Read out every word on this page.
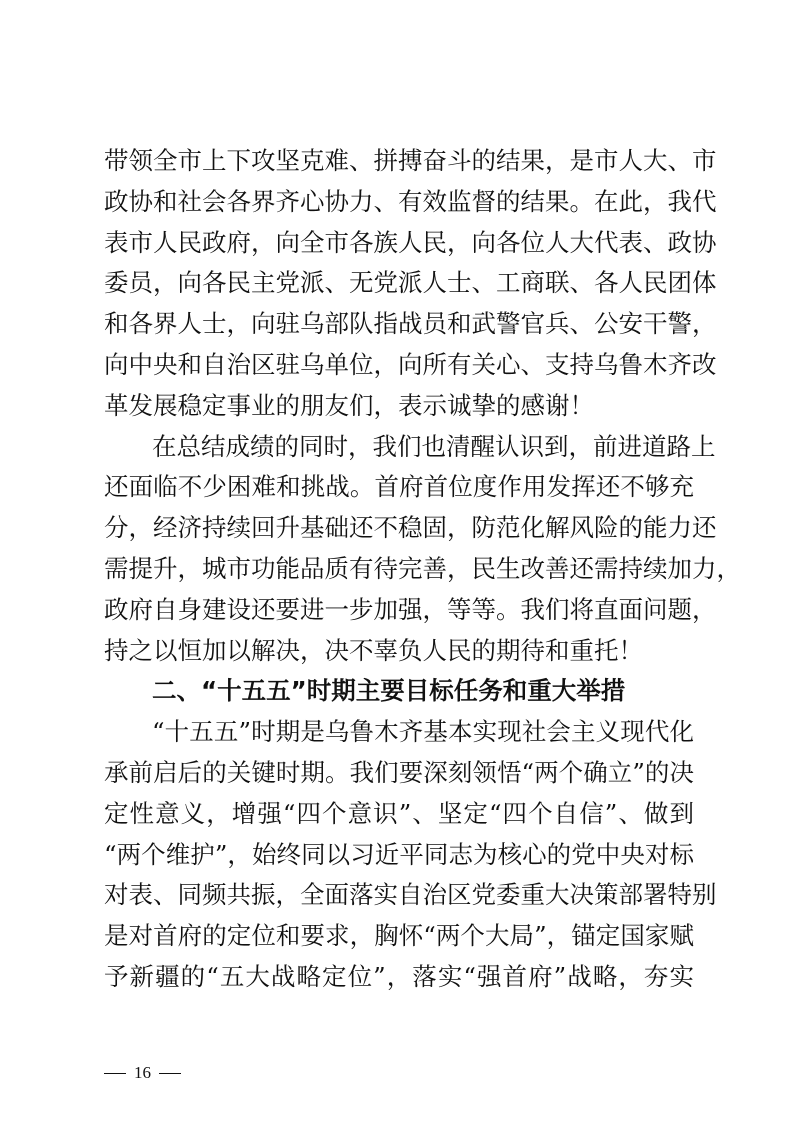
带领全市上下攻坚克难、拼搏奋斗的结果，是市人大、市
政协和社会各界齐心协力、有效监督的结果。在此，我代
表市人民政府，向全市各族人民，向各位人大代表、政协
委员，向各民主党派、无党派人士、工商联、各人民团体
和各界人士，向驻乌部队指战员和武警官兵、公安干警，
向中央和自治区驻乌单位，向所有关心、支持乌鲁木齐改
革发展稳定事业的朋友们，表示诚挚的感谢！
在总结成绩的同时，我们也清醒认识到，前进道路上
还面临不少困难和挑战。首府首位度作用发挥还不够充
分，经济持续回升基础还不稳固，防范化解风险的能力还
需提升，城市功能品质有待完善，民生改善还需持续加力，
政府自身建设还要进一步加强，等等。我们将直面问题，
持之以恒加以解决，决不辜负人民的期待和重托！
二、“十五五”时期主要目标任务和重大举措
“十五五”时期是乌鲁木齐基本实现社会主义现代化
承前启后的关键时期。我们要深刻领悟“两个确立”的决
定性意义，增强“四个意识”、坚定“四个自信”、做到
“两个维护”，始终同以习近平同志为核心的党中央对标
对表、同频共振，全面落实自治区党委重大决策部署特别
是对首府的定位和要求，胸怀“两个大局”，锚定国家赋
予新疆的“五大战略定位”，落实“强首府”战略，夯实
16
